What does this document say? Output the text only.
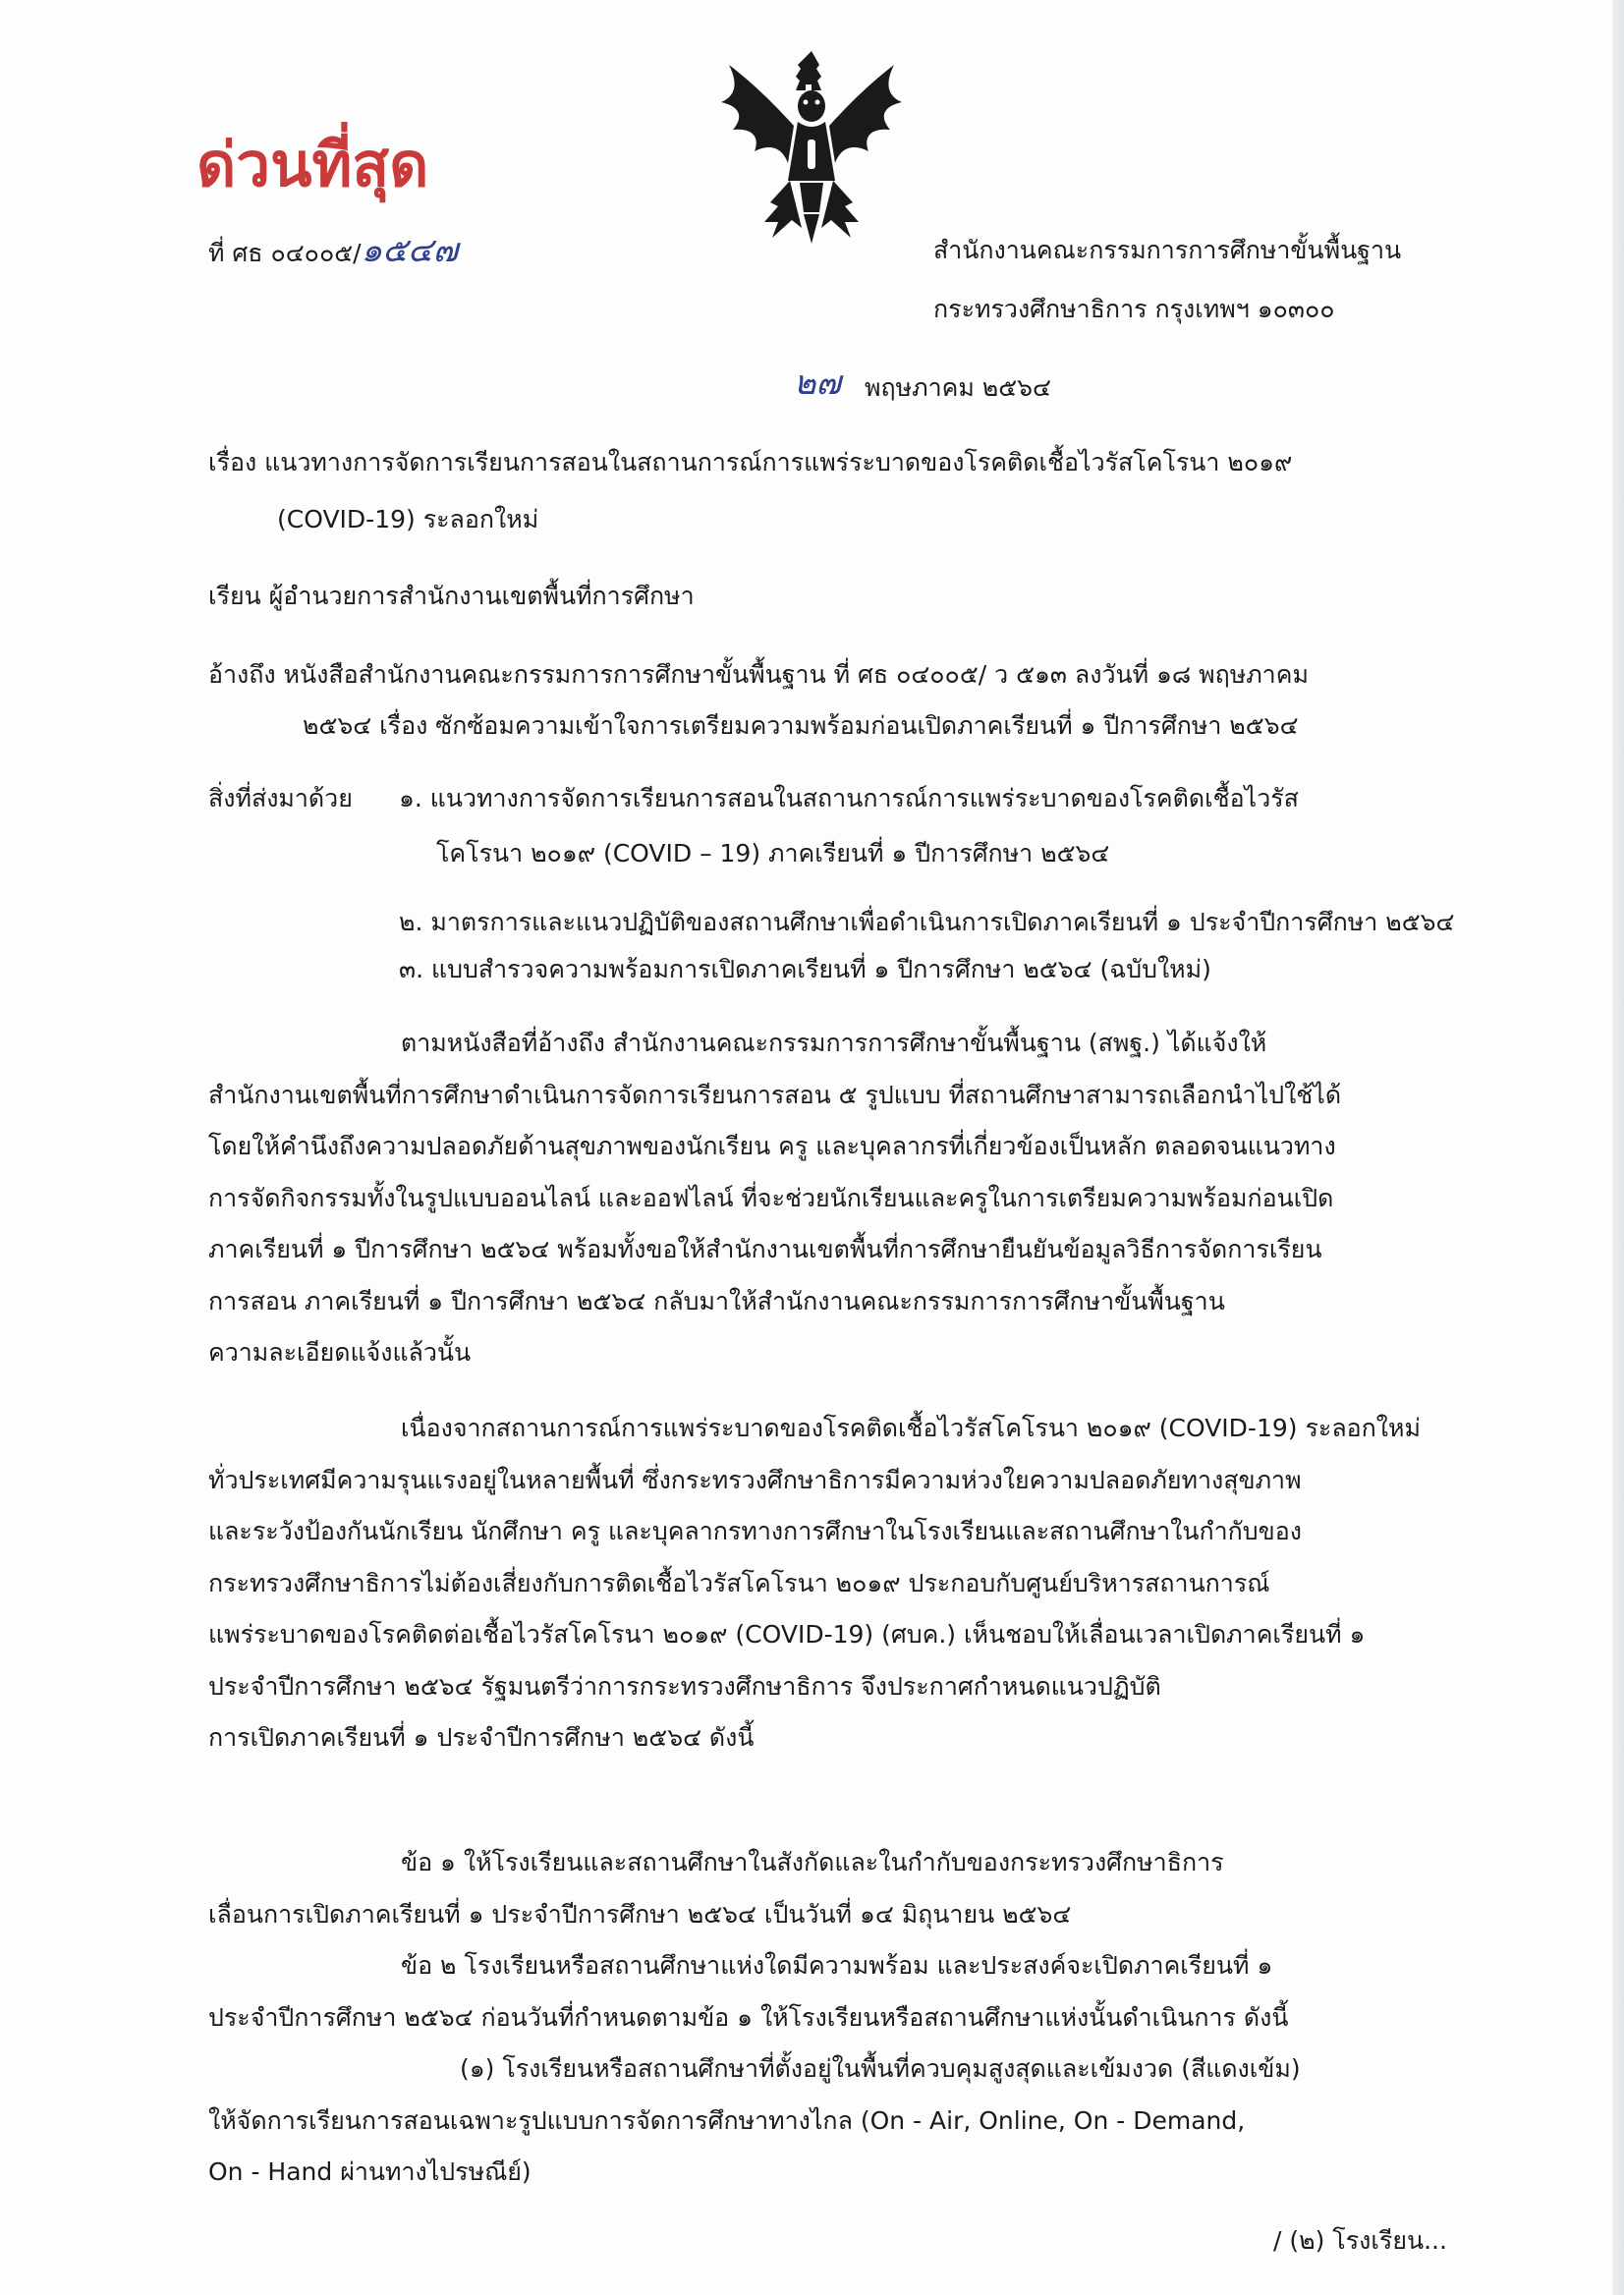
ด่วนที่สุด
ที่ ศธ ๐๔๐๐๕/๑๕๔๗	สำนักงานคณะกรรมการการศึกษาขั้นพื้นฐาน
กระทรวงศึกษาธิการ กรุงเทพฯ ๑๐๓๐๐
๒๗ พฤษภาคม ๒๕๖๔
เรื่อง แนวทางการจัดการเรียนการสอนในสถานการณ์การแพร่ระบาดของโรคติดเชื้อไวรัสโคโรนา ๒๐๑๙
(COVID-19) ระลอกใหม่
เรียน ผู้อำนวยการสำนักงานเขตพื้นที่การศึกษา
อ้างถึง หนังสือสำนักงานคณะกรรมการการศึกษาขั้นพื้นฐาน ที่ ศธ ๐๔๐๐๕/ ว ๕๑๓ ลงวันที่ ๑๘ พฤษภาคม
๒๕๖๔ เรื่อง ซักซ้อมความเข้าใจการเตรียมความพร้อมก่อนเปิดภาคเรียนที่ ๑ ปีการศึกษา ๒๕๖๔
สิ่งที่ส่งมาด้วย ๑. แนวทางการจัดการเรียนการสอนในสถานการณ์การแพร่ระบาดของโรคติดเชื้อไวรัส
โคโรนา ๒๐๑๙ (COVID – 19) ภาคเรียนที่ ๑ ปีการศึกษา ๒๕๖๔
๒. มาตรการและแนวปฏิบัติของสถานศึกษาเพื่อดำเนินการเปิดภาคเรียนที่ ๑ ประจำปีการศึกษา ๒๕๖๔
๓. แบบสำรวจความพร้อมการเปิดภาคเรียนที่ ๑ ปีการศึกษา ๒๕๖๔ (ฉบับใหม่)
ตามหนังสือที่อ้างถึง สำนักงานคณะกรรมการการศึกษาขั้นพื้นฐาน (สพฐ.) ได้แจ้งให้
สำนักงานเขตพื้นที่การศึกษาดำเนินการจัดการเรียนการสอน ๕ รูปแบบ ที่สถานศึกษาสามารถเลือกนำไปใช้ได้
โดยให้คำนึงถึงความปลอดภัยด้านสุขภาพของนักเรียน ครู และบุคลากรที่เกี่ยวข้องเป็นหลัก ตลอดจนแนวทาง
การจัดกิจกรรมทั้งในรูปแบบออนไลน์ และออฟไลน์ ที่จะช่วยนักเรียนและครูในการเตรียมความพร้อมก่อนเปิด
ภาคเรียนที่ ๑ ปีการศึกษา ๒๕๖๔ พร้อมทั้งขอให้สำนักงานเขตพื้นที่การศึกษายืนยันข้อมูลวิธีการจัดการเรียน
การสอน ภาคเรียนที่ ๑ ปีการศึกษา ๒๕๖๔ กลับมาให้สำนักงานคณะกรรมการการศึกษาขั้นพื้นฐาน
ความละเอียดแจ้งแล้วนั้น
เนื่องจากสถานการณ์การแพร่ระบาดของโรคติดเชื้อไวรัสโคโรนา ๒๐๑๙ (COVID-19) ระลอกใหม่
ทั่วประเทศมีความรุนแรงอยู่ในหลายพื้นที่ ซึ่งกระทรวงศึกษาธิการมีความห่วงใยความปลอดภัยทางสุขภาพ
และระวังป้องกันนักเรียน นักศึกษา ครู และบุคลากรทางการศึกษาในโรงเรียนและสถานศึกษาในกำกับของ
กระทรวงศึกษาธิการไม่ต้องเสี่ยงกับการติดเชื้อไวรัสโคโรนา ๒๐๑๙ ประกอบกับศูนย์บริหารสถานการณ์
แพร่ระบาดของโรคติดต่อเชื้อไวรัสโคโรนา ๒๐๑๙ (COVID-19) (ศบค.) เห็นชอบให้เลื่อนเวลาเปิดภาคเรียนที่ ๑
ประจำปีการศึกษา ๒๕๖๔ รัฐมนตรีว่าการกระทรวงศึกษาธิการ จึงประกาศกำหนดแนวปฏิบัติ
การเปิดภาคเรียนที่ ๑ ประจำปีการศึกษา ๒๕๖๔ ดังนี้
ข้อ ๑ ให้โรงเรียนและสถานศึกษาในสังกัดและในกำกับของกระทรวงศึกษาธิการ
เลื่อนการเปิดภาคเรียนที่ ๑ ประจำปีการศึกษา ๒๕๖๔ เป็นวันที่ ๑๔ มิถุนายน ๒๕๖๔
ข้อ ๒ โรงเรียนหรือสถานศึกษาแห่งใดมีความพร้อม และประสงค์จะเปิดภาคเรียนที่ ๑
ประจำปีการศึกษา ๒๕๖๔ ก่อนวันที่กำหนดตามข้อ ๑ ให้โรงเรียนหรือสถานศึกษาแห่งนั้นดำเนินการ ดังนี้
(๑) โรงเรียนหรือสถานศึกษาที่ตั้งอยู่ในพื้นที่ควบคุมสูงสุดและเข้มงวด (สีแดงเข้ม)
ให้จัดการเรียนการสอนเฉพาะรูปแบบการจัดการศึกษาทางไกล (On - Air, Online, On - Demand,
On - Hand ผ่านทางไปรษณีย์)
/ (๒) โรงเรียน...
